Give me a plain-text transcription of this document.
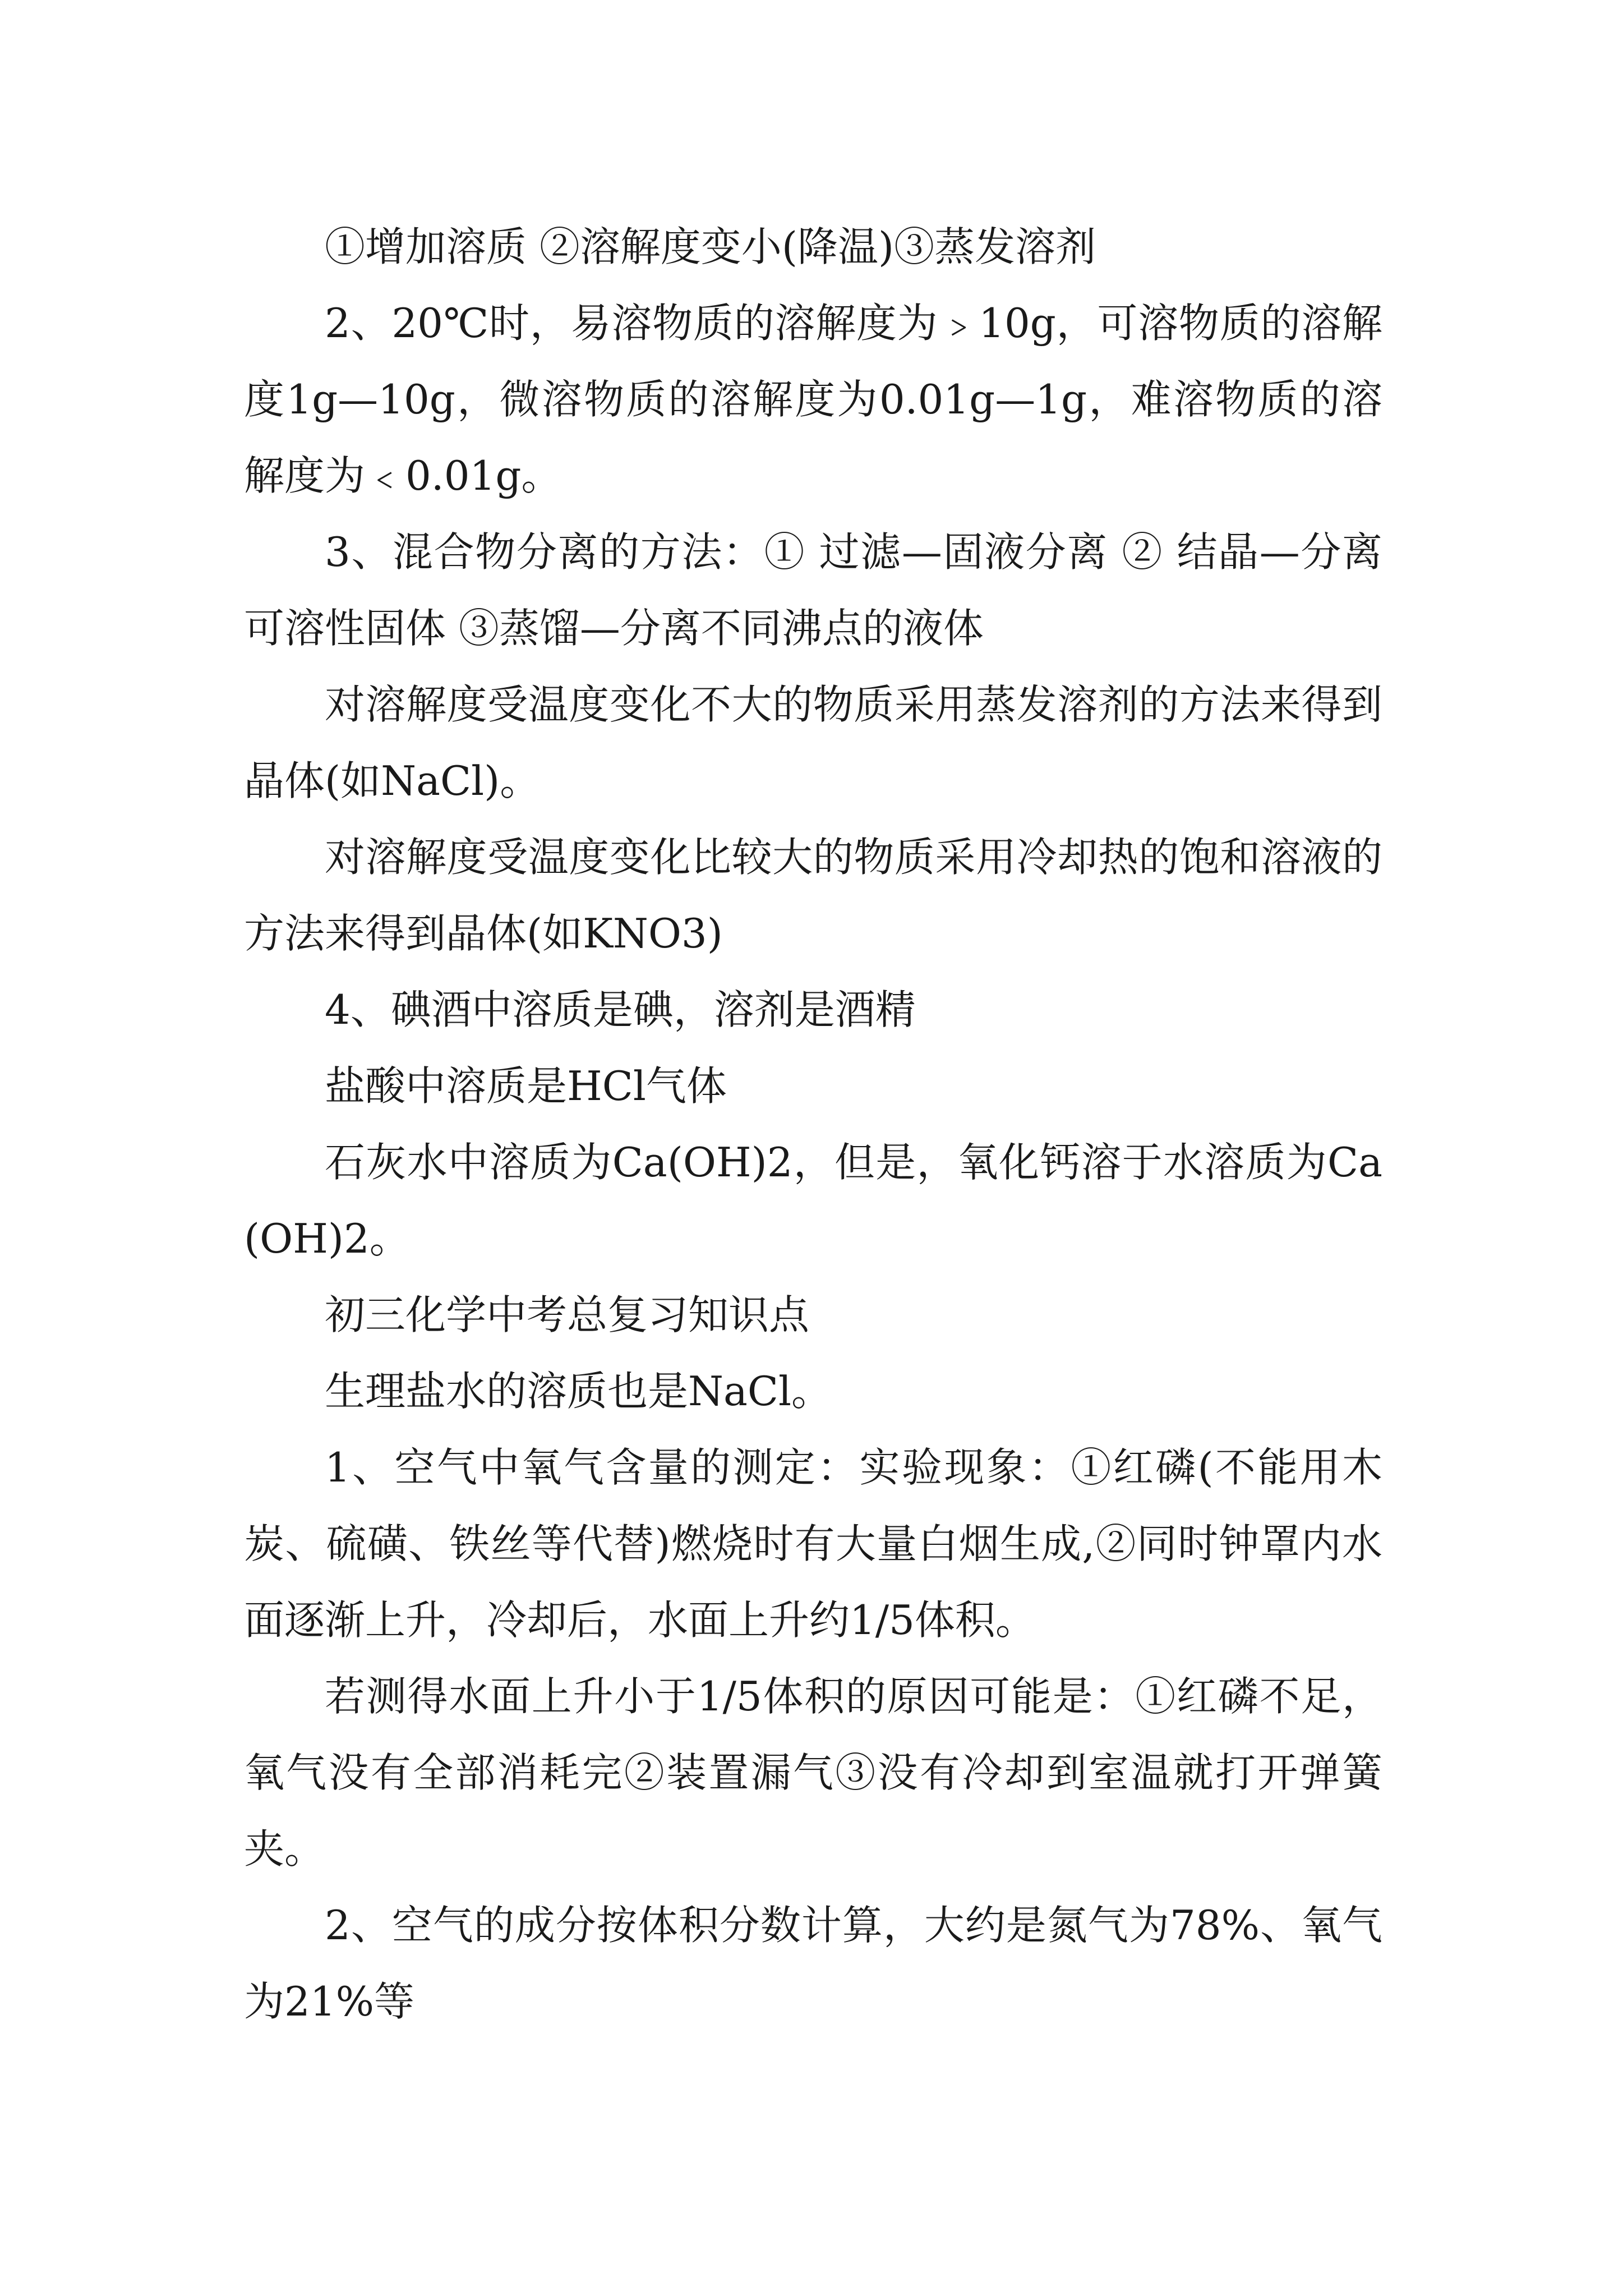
①增加溶质 ②溶解度变小(降温)③蒸发溶剂

2、20℃时，易溶物质的溶解度为﹥10g，可溶物质的溶解度1g—10g，微溶物质的溶解度为0.01g—1g，难溶物质的溶解度为﹤0.01g。

3、混合物分离的方法：① 过滤—固液分离 ② 结晶—分离可溶性固体 ③蒸馏—分离不同沸点的液体

对溶解度受温度变化不大的物质采用蒸发溶剂的方法来得到晶体(如NaCl)。

对溶解度受温度变化比较大的物质采用冷却热的饱和溶液的方法来得到晶体(如KNO3)

4、碘酒中溶质是碘，溶剂是酒精

盐酸中溶质是HCl气体

石灰水中溶质为Ca(OH)2，但是，氧化钙溶于水溶质为Ca(OH)2。

初三化学中考总复习知识点

生理盐水的溶质也是NaCl。

1、空气中氧气含量的测定：实验现象：①红磷(不能用木炭、硫磺、铁丝等代替)燃烧时有大量白烟生成,②同时钟罩内水面逐渐上升，冷却后，水面上升约1/5体积。

若测得水面上升小于1/5体积的原因可能是：①红磷不足，氧气没有全部消耗完②装置漏气③没有冷却到室温就打开弹簧夹。

2、空气的成分按体积分数计算，大约是氮气为78%、氧气为21%等
